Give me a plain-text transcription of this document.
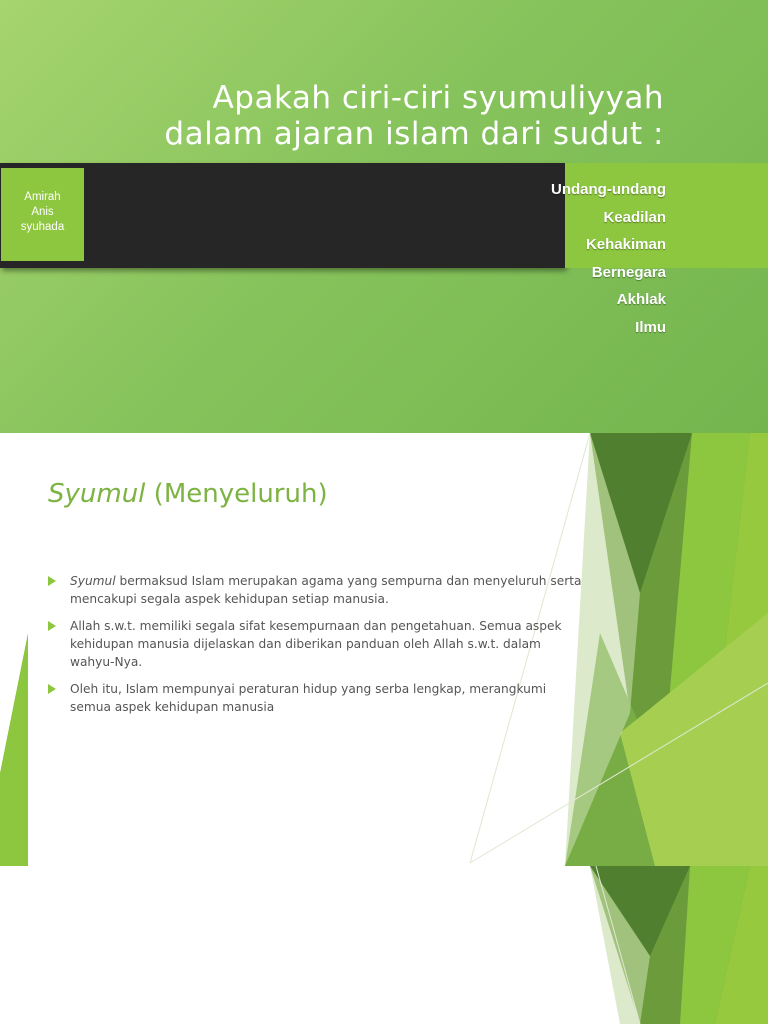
Apakah ciri-ciri syumuliyyah
dalam ajaran islam dari sudut :
Amirah
Anis
syuhada
Undang-undang
Keadilan
Kehakiman
Bernegara
Akhlak
Ilmu
Syumul (Menyeluruh)
Syumul bermaksud Islam merupakan agama yang sempurna dan menyeluruh serta mencakupi segala aspek kehidupan setiap manusia.
Allah s.w.t. memiliki segala sifat kesempurnaan dan pengetahuan. Semua aspek kehidupan manusia dijelaskan dan diberikan panduan oleh Allah s.w.t. dalam wahyu-Nya.
Oleh itu, Islam mempunyai peraturan hidup yang serba lengkap, merangkumi semua aspek kehidupan manusia
